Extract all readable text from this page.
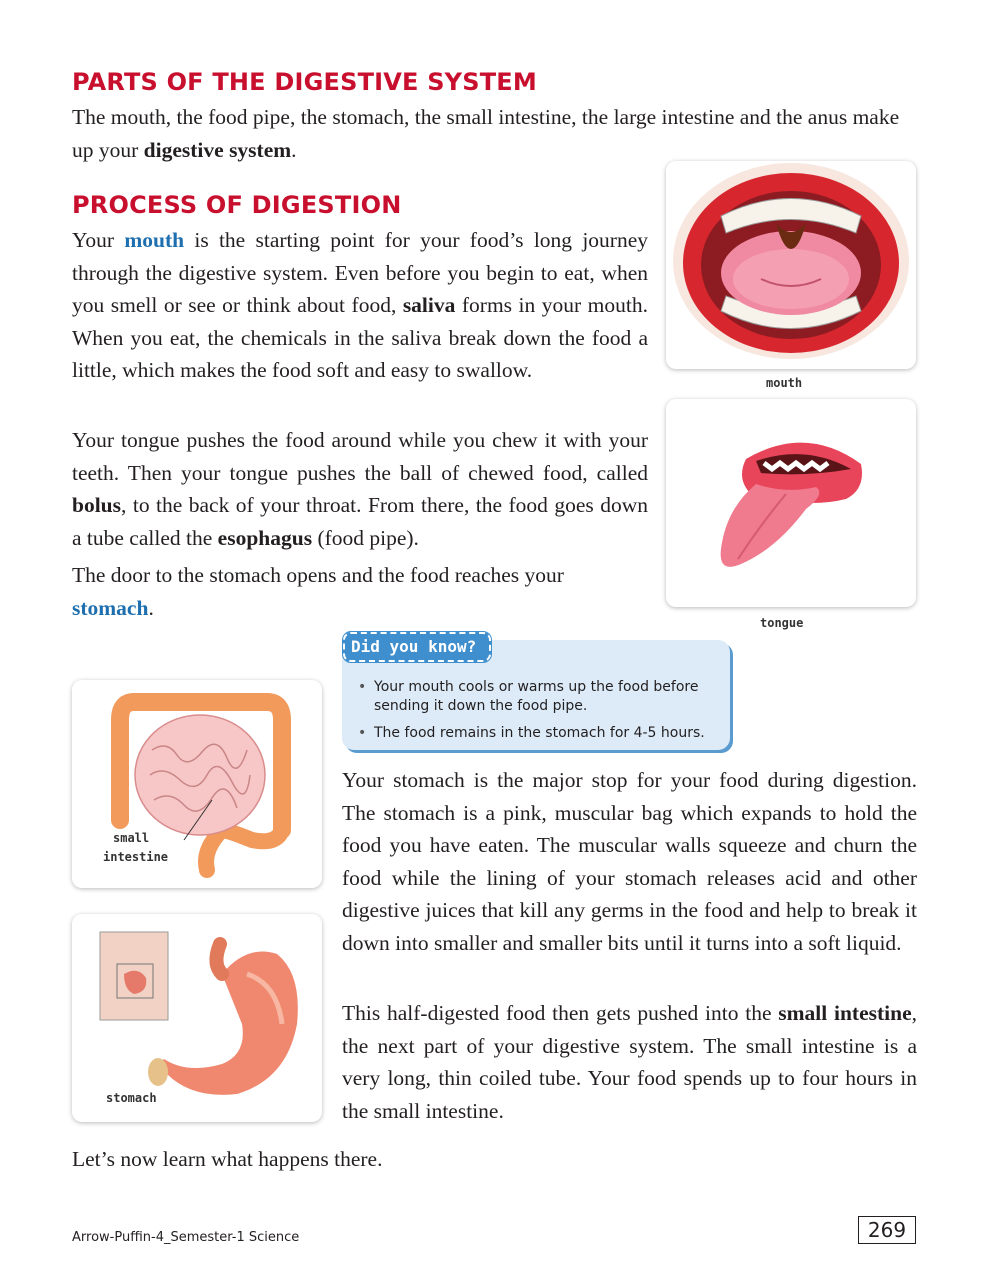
PARTS OF THE DIGESTIVE SYSTEM

The mouth, the food pipe, the stomach, the small intestine, the large intestine and the anus make up your digestive system.

PROCESS OF DIGESTION

Your mouth is the starting point for your food’s long journey through the digestive system. Even before you begin to eat, when you smell or see or think about food, saliva forms in your mouth. When you eat, the chemicals in the saliva break down the food a little, which makes the food soft and easy to swallow.

Your tongue pushes the food around while you chew it with your teeth. Then your tongue pushes the ball of chewed food, called bolus, to the back of your throat. From there, the food goes down a tube called the esophagus (food pipe).

The door to the stomach opens and the food reaches your stomach.

mouth
tongue
Did you know?
• Your mouth cools or warms up the food before sending it down the food pipe.
• The food remains in the stomach for 4-5 hours.
small
intestine
stomach

Your stomach is the major stop for your food during digestion. The stomach is a pink, muscular bag which expands to hold the food you have eaten. The muscular walls squeeze and churn the food while the lining of your stomach releases acid and other digestive juices that kill any germs in the food and help to break it down into smaller and smaller bits until it turns into a soft liquid.

This half-digested food then gets pushed into the small intestine, the next part of your digestive system. The small intestine is a very long, thin coiled tube. Your food spends up to four hours in the small intestine.

Let’s now learn what happens there.

Arrow-Puffin-4_Semester-1 Science	269
